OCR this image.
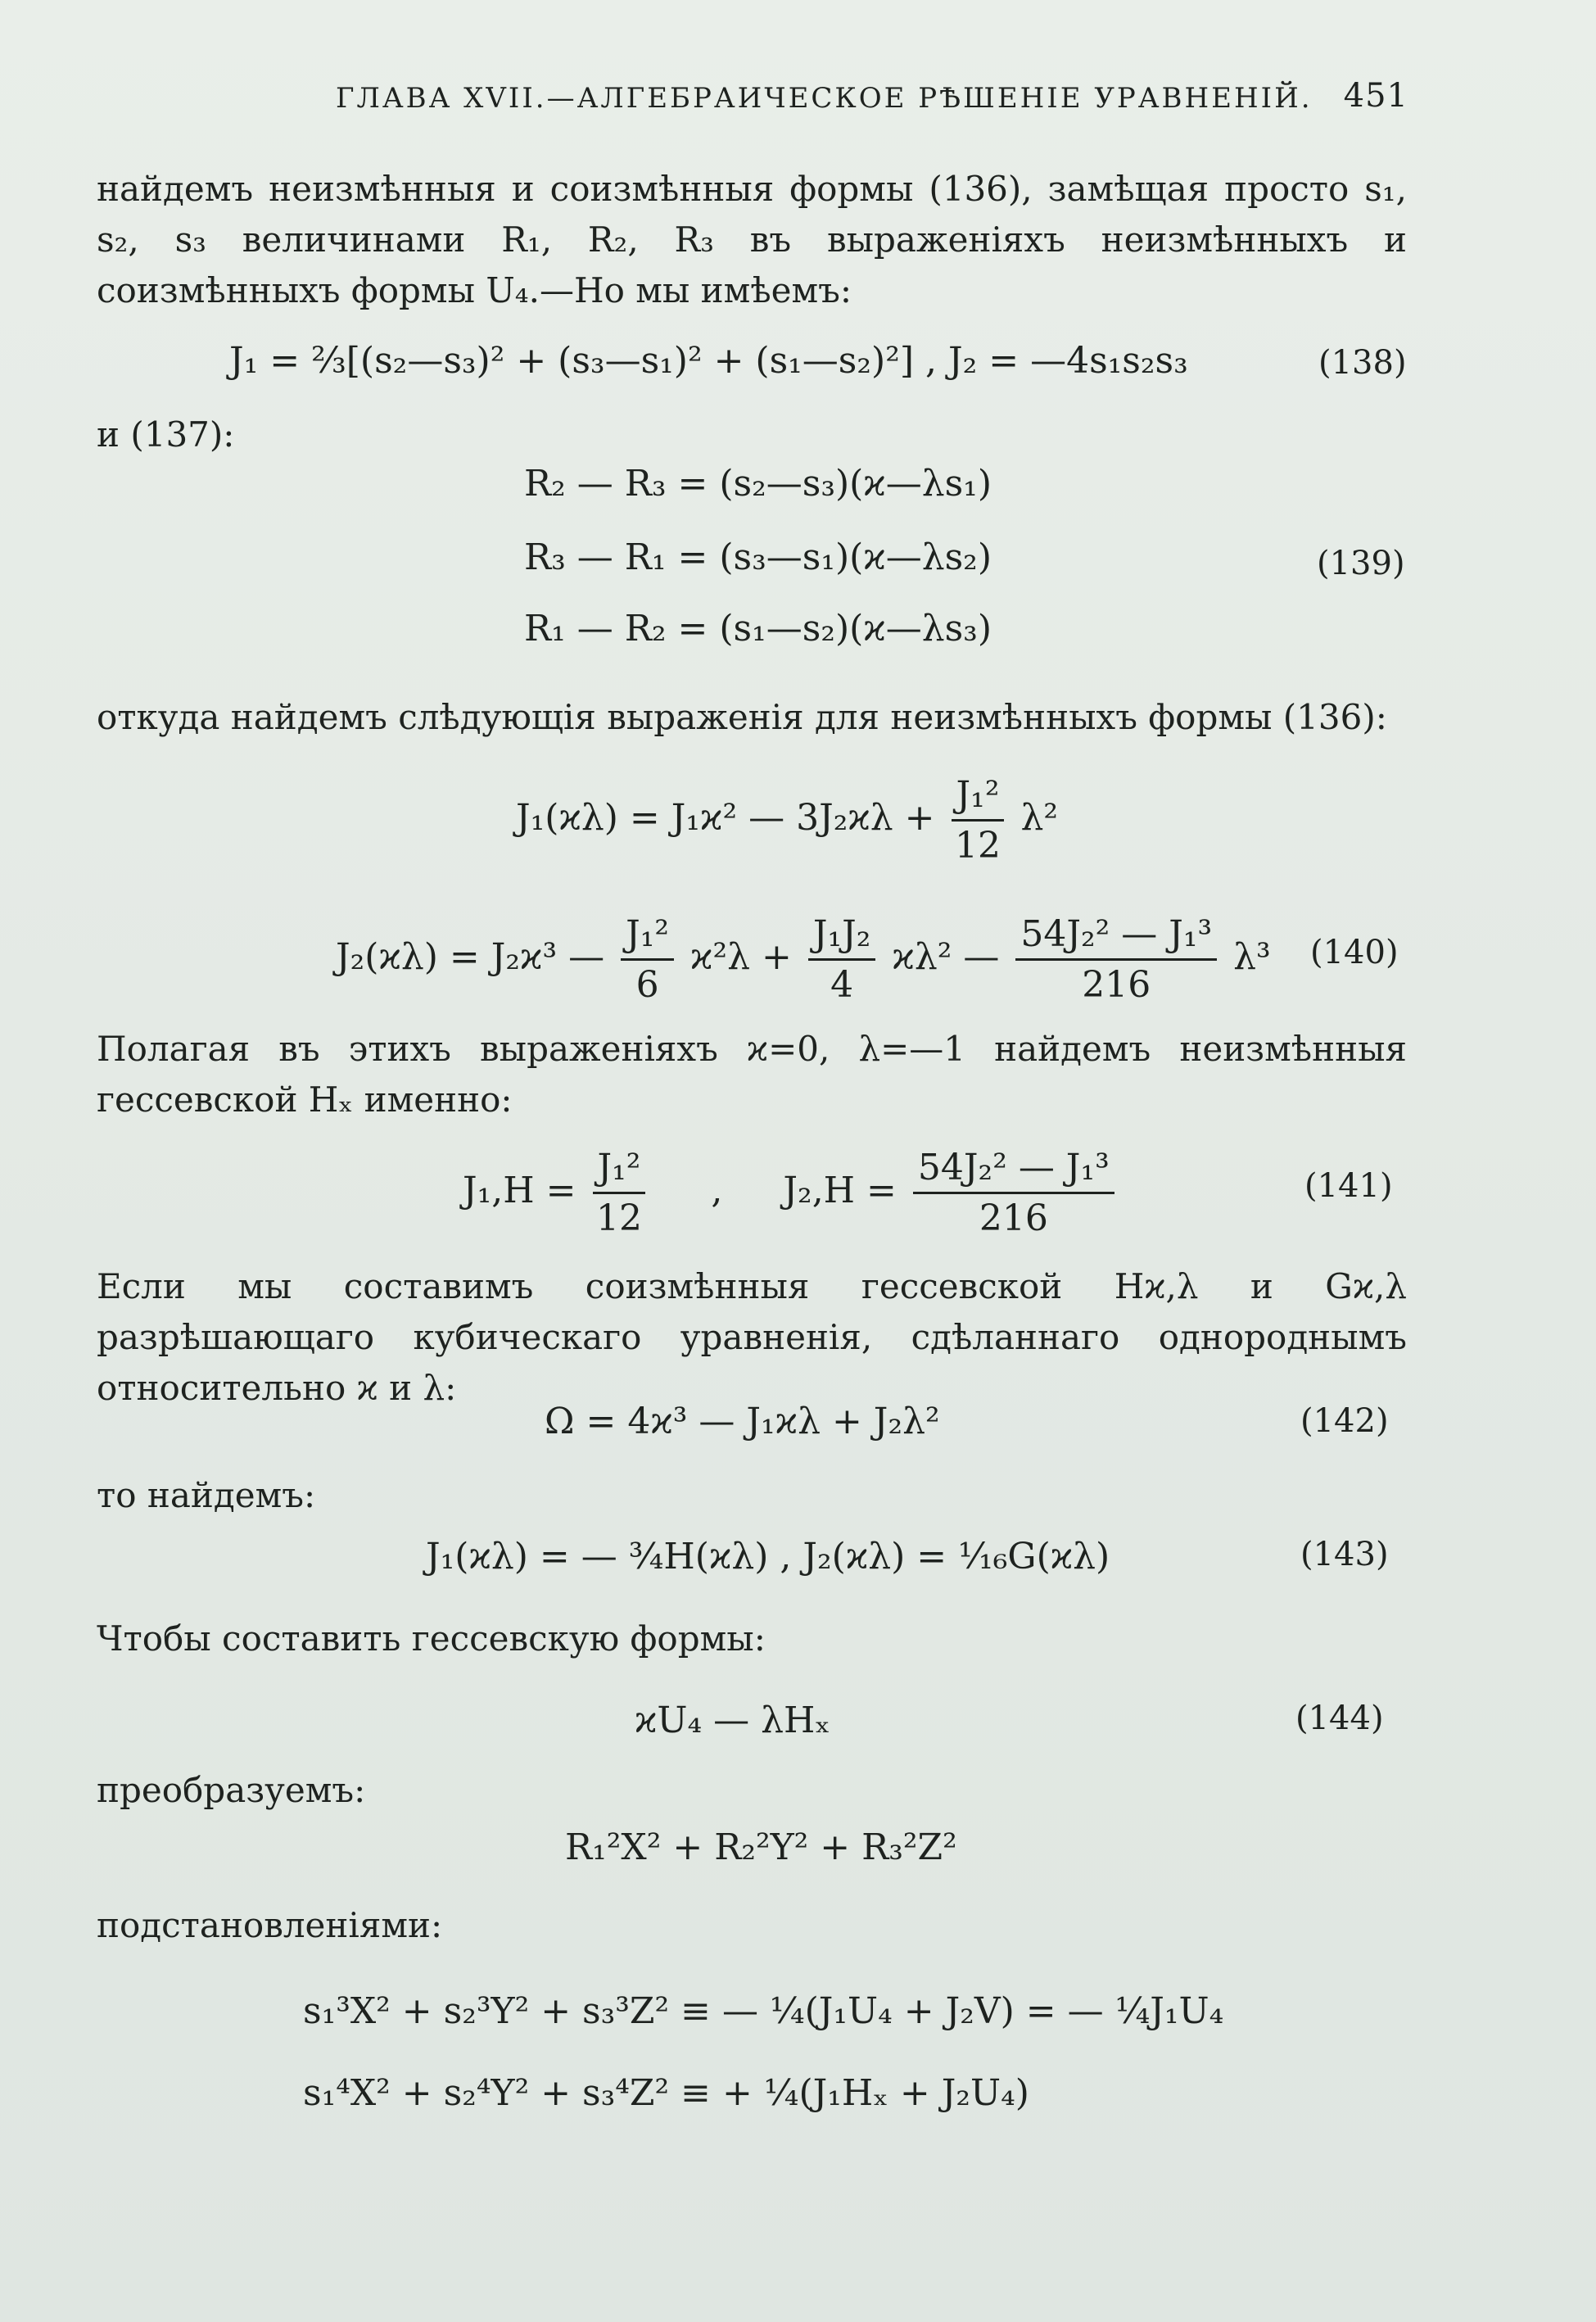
ГЛАВА XVII.—АЛГЕБРАИЧЕСКОЕ РѢШЕНІЕ УРАВНЕНІЙ. 451
найдемъ неизмѣнныя и соизмѣнныя формы (136), замѣщая просто s₁, s₂, s₃ величинами R₁, R₂, R₃ въ выраженіяхъ неизмѣнныхъ и соизмѣнныхъ формы U₄.—Но мы имѣемъ:
J₁ = ⅔[(s₂—s₃)² + (s₃—s₁)² + (s₁—s₂)²] , J₂ = —4s₁s₂s₃	(138)
и (137):
R₂ — R₃ = (s₂—s₃)(ϰ—λs₁)
R₃ — R₁ = (s₃—s₁)(ϰ—λs₂)
R₁ — R₂ = (s₁—s₂)(ϰ—λs₃)
(139)
откуда найдемъ слѣдующія выраженія для неизмѣнныхъ формы (136):
J₁(ϰλ) = J₁ϰ² — $3J_2ϰ\lambda + \frac{\text{J₁²}}{12} \lambda^2$
J₂(ϰλ) = J₂ϰ³ — $\frac{\text{J₁²}}{6} ϰ^2\lambda + \frac{\text{J₁J₂}}{4} ϰ\lambda^2$ — $\frac{\text{54J₂² — J₁³}}{216} \lambda^3$ (140)
Полагая въ этихъ выраженіяхъ ϰ=0, λ=—1 найдемъ неизмѣнныя гессевской Hₓ именно:
$J_1,H = \frac{\text{J₁²}}{12}$ , $J_2,H = \frac{\text{54J₂² — J₁³}}{216}$	(141)
Если мы составимъ соизмѣнныя гессевской Hϰ,λ и Gϰ,λ разрѣшающаго кубическаго уравненія, сдѣланнаго однороднымъ относительно ϰ и λ:
Ω = 4ϰ³ — J₁ϰλ + J₂λ²	(142)
то найдемъ:
J₁(ϰλ) = — ¾H(ϰλ) , J₂(ϰλ) = ¹⁄₁₆G(ϰλ)	(143)
Чтобы составить гессевскую формы:
ϰU₄ — λHₓ	(144)
преобразуемъ:
R₁²X² + R₂²Y² + R₃²Z²
подстановленіями:
s₁³X² + s₂³Y² + s₃³Z² ≡ — ¼(J₁U₄ + J₂V) = — ¼J₁U₄
s₁⁴X² + s₂⁴Y² + s₃⁴Z² ≡ + ¼(J₁Hₓ + J₂U₄)
